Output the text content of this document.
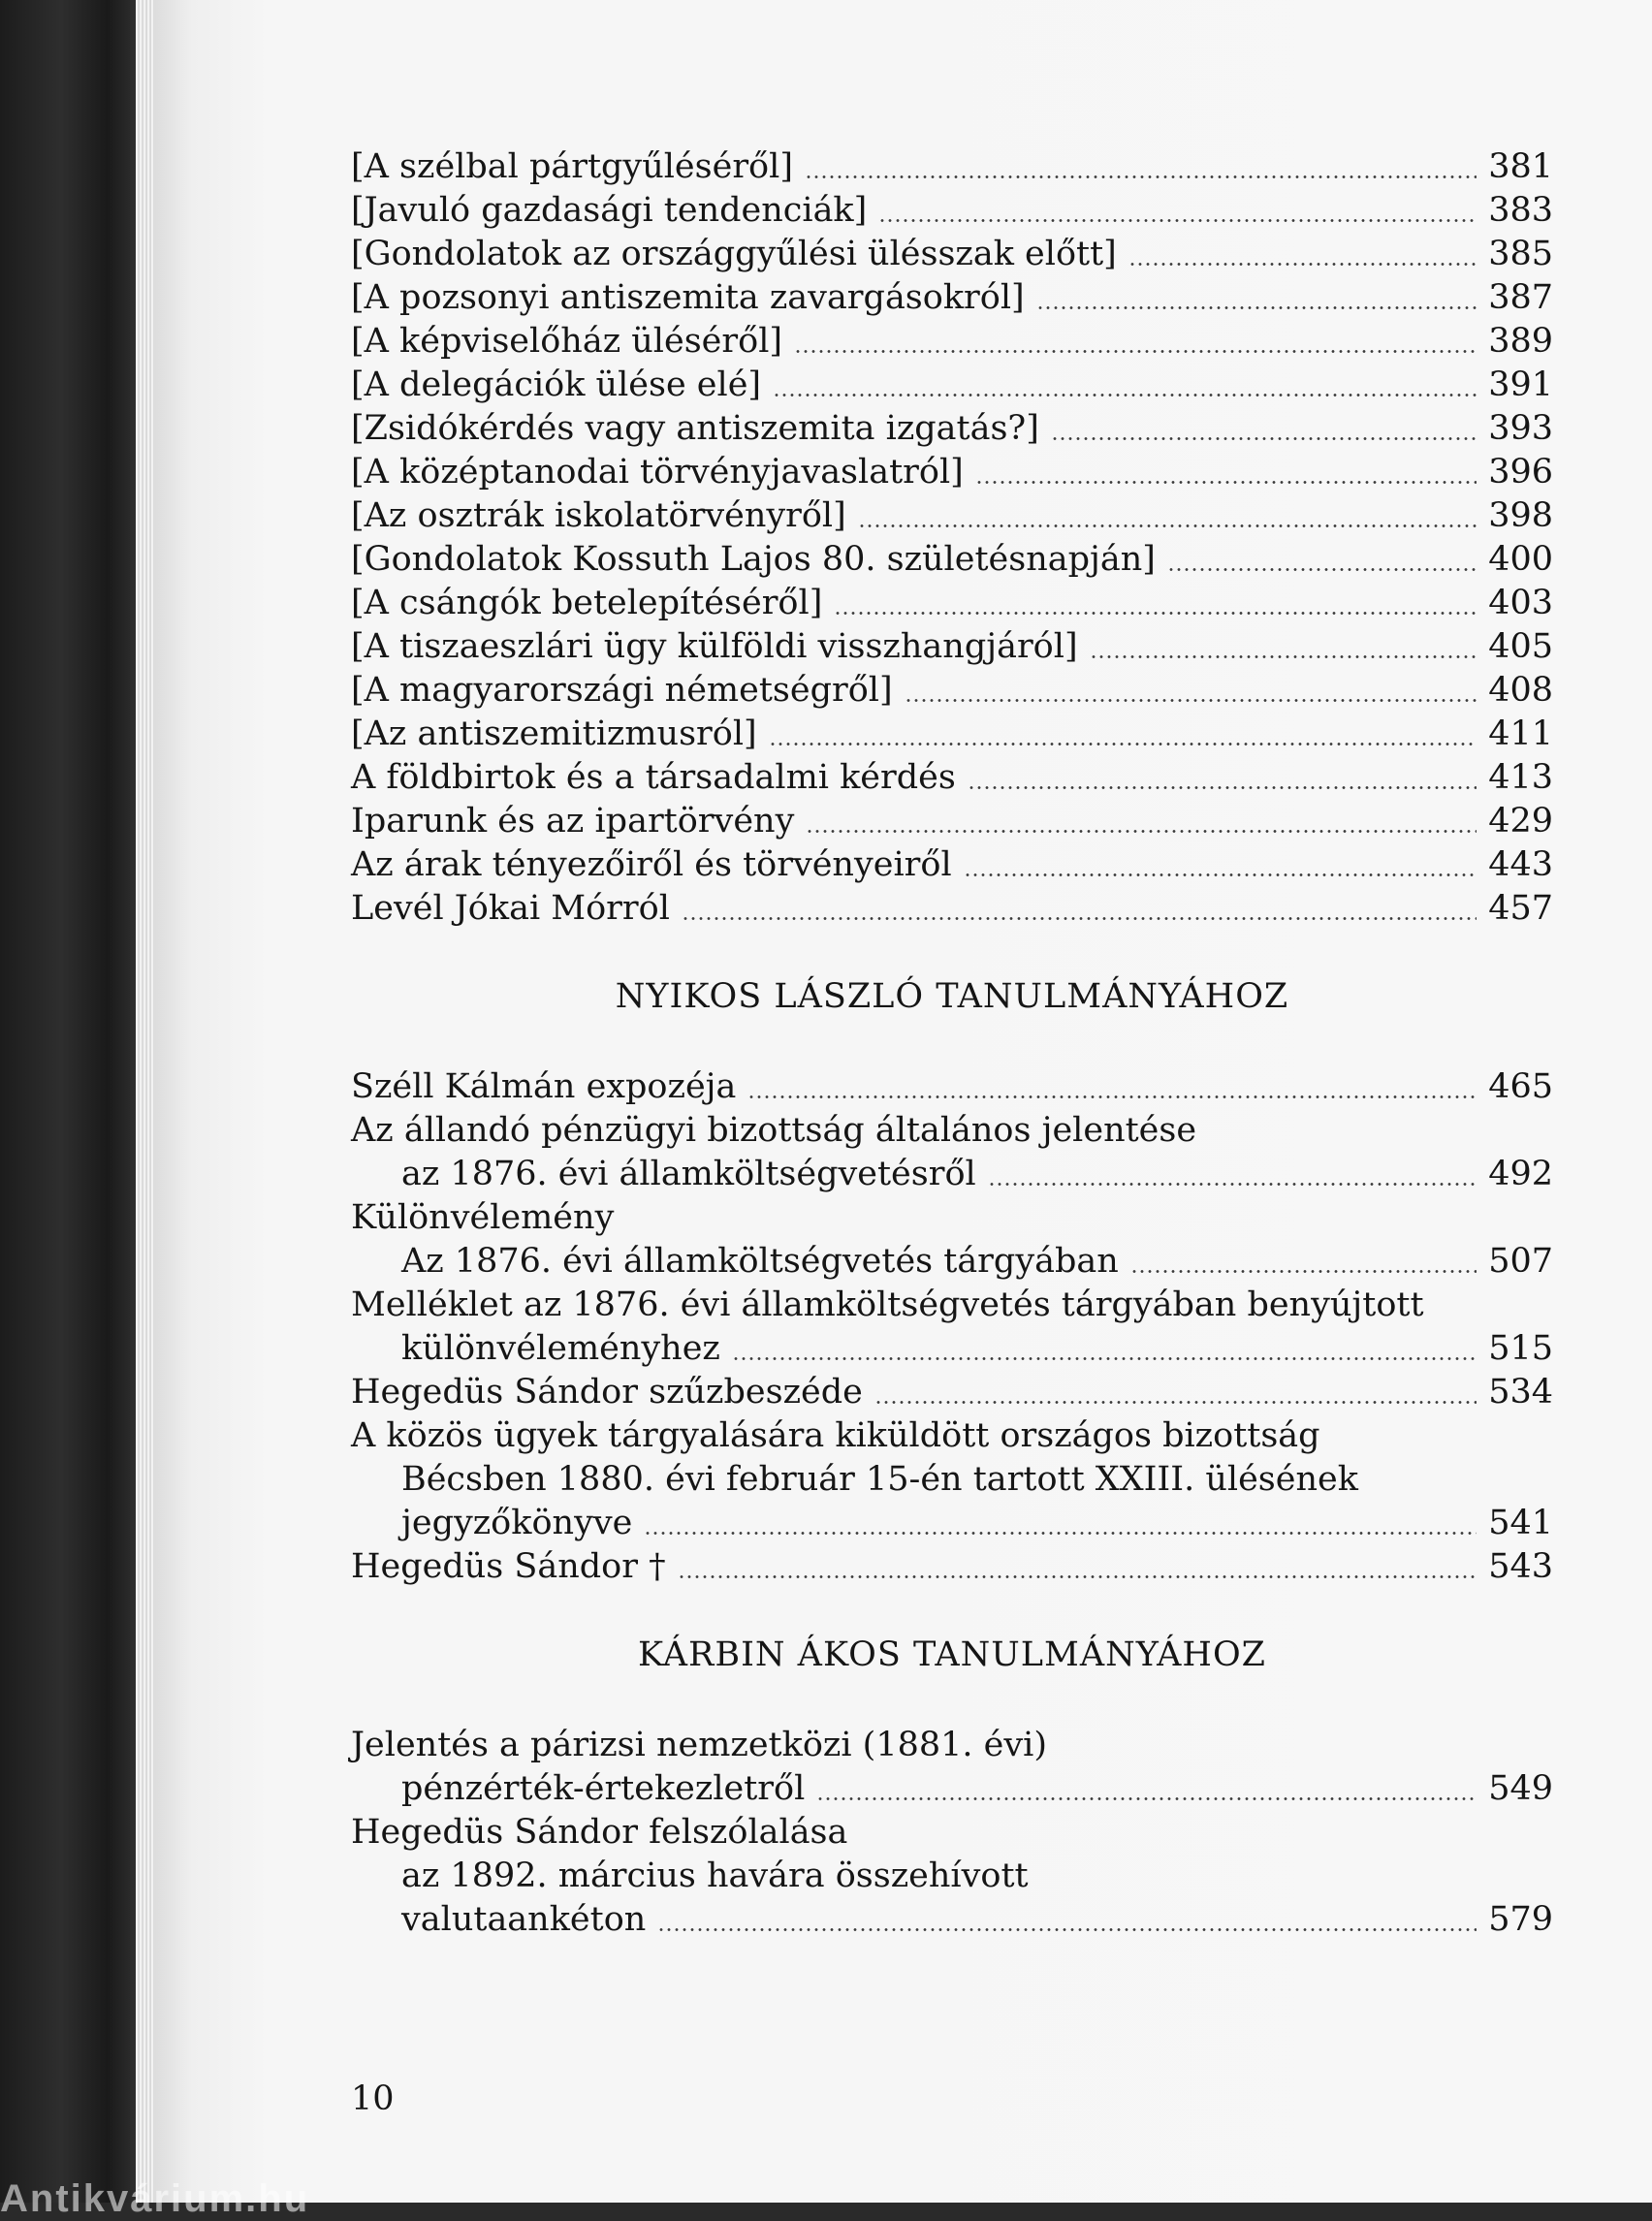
[A szélbal pártgyűléséről]	381
[Javuló gazdasági tendenciák]	383
[Gondolatok az országgyűlési ülésszak előtt]	385
[A pozsonyi antiszemita zavargásokról]	387
[A képviselőház üléséről]	389
[A delegációk ülése elé]	391
[Zsidókérdés vagy antiszemita izgatás?]	393
[A középtanodai törvényjavaslatról]	396
[Az osztrák iskolatörvényről]	398
[Gondolatok Kossuth Lajos 80. születésnapján]	400
[A csángók betelepítéséről]	403
[A tiszaeszlári ügy külföldi visszhangjáról]	405
[A magyarországi németségről]	408
[Az antiszemitizmusról]	411
A földbirtok és a társadalmi kérdés	413
Iparunk és az ipartörvény	429
Az árak tényezőiről és törvényeiről	443
Levél Jókai Mórról	457
NYIKOS LÁSZLÓ TANULMÁNYÁHOZ
Széll Kálmán expozéja	465
Az állandó pénzügyi bizottság általános jelentése
az 1876. évi államköltségvetésről	492
Különvélemény
Az 1876. évi államköltségvetés tárgyában	507
Melléklet az 1876. évi államköltségvetés tárgyában benyújtott
különvéleményhez	515
Hegedüs Sándor szűzbeszéde	534
A közös ügyek tárgyalására kiküldött országos bizottság
Bécsben 1880. évi február 15-én tartott XXIII. ülésének
jegyzőkönyve	541
Hegedüs Sándor †	543
KÁRBIN ÁKOS TANULMÁNYÁHOZ
Jelentés a párizsi nemzetközi (1881. évi)
pénzérték-értekezletről	549
Hegedüs Sándor felszólalása
az 1892. március havára összehívott
valutaankéton	579
10
Antikvárium.hu
